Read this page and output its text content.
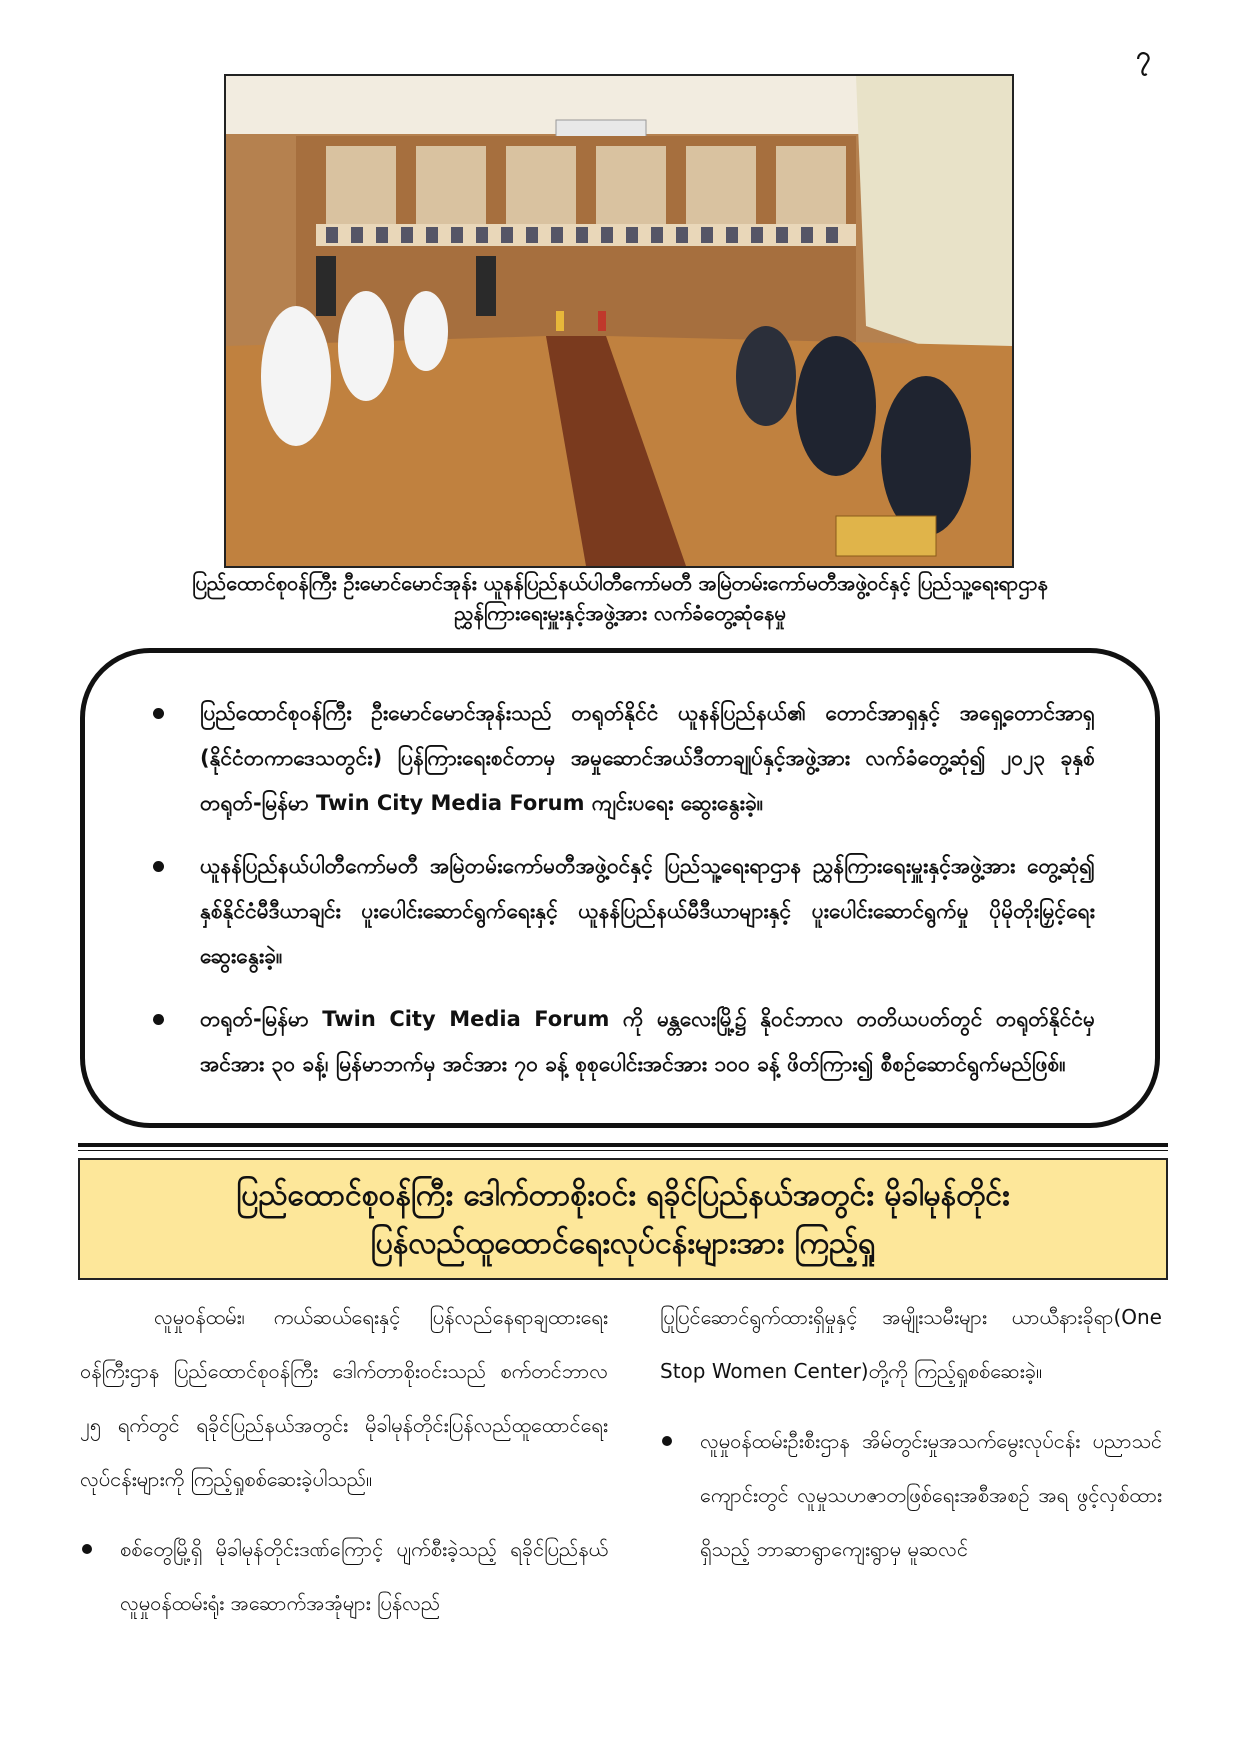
၇
ပြည်ထောင်စုဝန်ကြီး ဦးမောင်မောင်အုန်း ယူနန်ပြည်နယ်ပါတီကော်မတီ အမြဲတမ်းကော်မတီအဖွဲ့ဝင်နှင့် ပြည်သူ့ရေးရာဌာန
ညွှန်ကြားရေးမှူးနှင့်အဖွဲ့အား လက်ခံတွေ့ဆုံနေမှု
ပြည်ထောင်စုဝန်ကြီး ဦးမောင်မောင်အုန်းသည် တရုတ်နိုင်ငံ ယူနန်ပြည်နယ်၏ တောင်အာရှနှင့် အရှေ့တောင်အာရှ (နိုင်ငံတကာဒေသတွင်း) ပြန်ကြားရေးစင်တာမှ အမှုဆောင်အယ်ဒီတာချုပ်နှင့်အဖွဲ့အား လက်ခံတွေ့ဆုံ၍ ၂၀၂၃ ခုနှစ် တရုတ်-မြန်မာ Twin City Media Forum ကျင်းပရေး ဆွေးနွေးခဲ့။
ယူနန်ပြည်နယ်ပါတီကော်မတီ အမြဲတမ်းကော်မတီအဖွဲ့ဝင်နှင့် ပြည်သူ့ရေးရာဌာန ညွှန်ကြားရေးမှူးနှင့်အဖွဲ့အား တွေ့ဆုံ၍ နှစ်နိုင်ငံမီဒီယာချင်း ပူးပေါင်းဆောင်ရွက်ရေးနှင့် ယူနန်ပြည်နယ်မီဒီယာများနှင့် ပူးပေါင်းဆောင်ရွက်မှု ပိုမိုတိုးမြှင့်ရေးဆွေးနွေးခဲ့။
တရုတ်-မြန်မာ Twin City Media Forum ကို မန္တလေးမြို့၌ နိုဝင်ဘာလ တတိယပတ်တွင် တရုတ်နိုင်ငံမှ အင်အား ၃၀ ခန့်၊ မြန်မာဘက်မှ အင်အား ၇၀ ခန့် စုစုပေါင်းအင်အား ၁၀၀ ခန့် ဖိတ်ကြား၍ စီစဉ်ဆောင်ရွက်မည်ဖြစ်။
ပြည်ထောင်စုဝန်ကြီး ဒေါက်တာစိုးဝင်း ရခိုင်ပြည်နယ်အတွင်း မိုခါမုန်တိုင်း
ပြန်လည်ထူထောင်ရေးလုပ်ငန်းများအား ကြည့်ရှု

လူမှုဝန်ထမ်း၊ ကယ်ဆယ်ရေးနှင့် ပြန်လည်နေရာချထားရေးဝန်ကြီးဌာန ပြည်ထောင်စုဝန်ကြီး ဒေါက်တာစိုးဝင်းသည် စက်တင်ဘာလ ၂၅ ရက်တွင် ရခိုင်ပြည်နယ်အတွင်း မိုခါမုန်တိုင်းပြန်လည်ထူထောင်ရေးလုပ်ငန်းများကို ကြည့်ရှုစစ်ဆေးခဲ့ပါသည်။

စစ်တွေမြို့ရှိ မိုခါမုန်တိုင်းဒဏ်ကြောင့် ပျက်စီးခဲ့သည့် ရခိုင်ပြည်နယ် လူမှုဝန်ထမ်းရုံး အဆောက်အအုံများ ပြန်လည်

ပြုပြင်ဆောင်ရွက်ထားရှိမှုနှင့် အမျိုးသမီးများ ယာယီနားခိုရာ(One Stop Women Center)တို့ကို ကြည့်ရှုစစ်ဆေးခဲ့။

လူမှုဝန်ထမ်းဦးစီးဌာန အိမ်တွင်းမှုအသက်မွေးလုပ်ငန်း ပညာသင်ကျောင်းတွင် လူမှုသဟဇာတဖြစ်ရေးအစီအစဉ် အရ ဖွင့်လှစ်ထားရှိသည့် ဘာဆာရွာကျေးရွာမှ မူဆလင်
